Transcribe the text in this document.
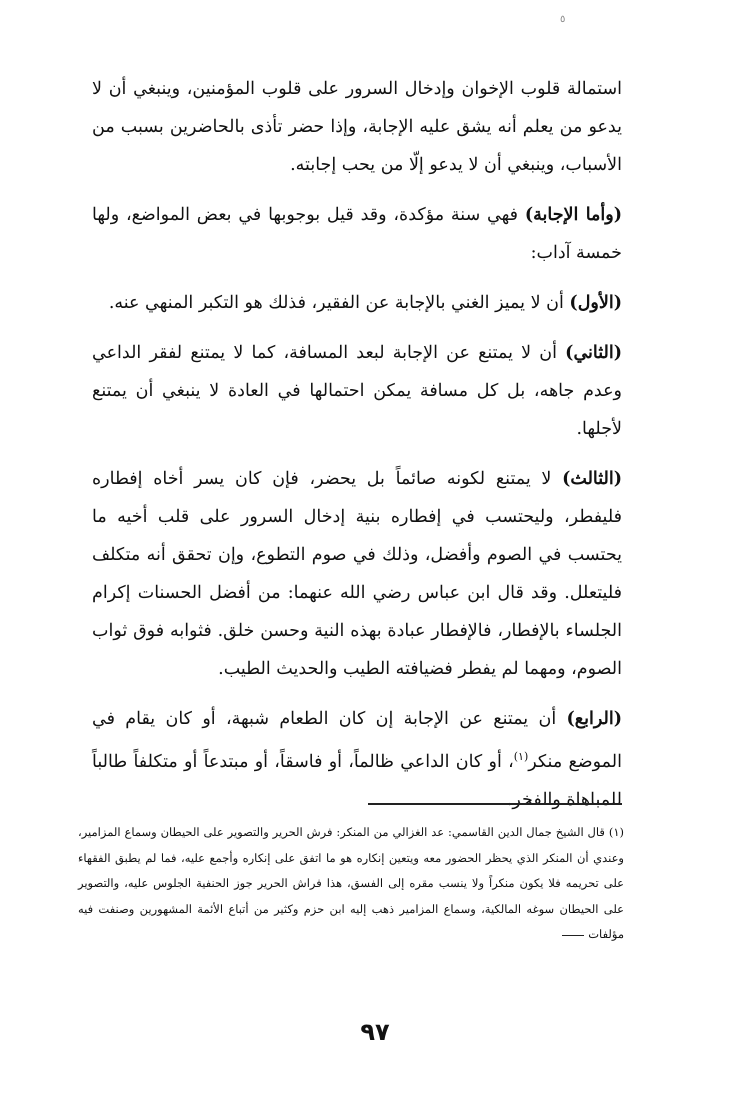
٥

استمالة قلوب الإخوان وإدخال السرور على قلوب المؤمنين، وينبغي أن لا يدعو من يعلم أنه يشق عليه الإجابة، وإذا حضر تأذى بالحاضرين بسبب من الأسباب، وينبغي أن لا يدعو إلّا من يحب إجابته.

(وأما الإجابة) فهي سنة مؤكدة، وقد قيل بوجوبها في بعض المواضع، ولها خمسة آداب:

(الأول) أن لا يميز الغني بالإجابة عن الفقير، فذلك هو التكبر المنهي عنه.

(الثاني) أن لا يمتنع عن الإجابة لبعد المسافة، كما لا يمتنع لفقر الداعي وعدم جاهه، بل كل مسافة يمكن احتمالها في العادة لا ينبغي أن يمتنع لأجلها.

(الثالث) لا يمتنع لكونه صائماً بل يحضر، فإن كان يسر أخاه إفطاره فليفطر، وليحتسب في إفطاره بنية إدخال السرور على قلب أخيه ما يحتسب في الصوم وأفضل، وذلك في صوم التطوع، وإن تحقق أنه متكلف فليتعلل. وقد قال ابن عباس رضي الله عنهما: من أفضل الحسنات إكرام الجلساء بالإفطار، فالإفطار عبادة بهذه النية وحسن خلق. فثوابه فوق ثواب الصوم، ومهما لم يفطر فضيافته الطيب والحديث الطيب.

(الرابع) أن يمتنع عن الإجابة إن كان الطعام شبهة، أو كان يقام في الموضع منكر$^{(١)}$، أو كان الداعي ظالماً، أو فاسقاً، أو مبتدعاً أو متكلفاً طالباً للمباهاة والفخر.

(١) قال الشيخ جمال الدين القاسمي: عد الغزالي من المنكر: فرش الحرير والتصوير على الحيطان وسماع المزامير، وعندي أن المنكر الذي يحظر الحضور معه ويتعين إنكاره هو ما اتفق على إنكاره وأجمع عليه، فما لم يطبق الفقهاء على تحريمه فلا يكون منكراً ولا ينسب مقره إلى الفسق، هذا فراش الحرير جوز الحنفية الجلوس عليه، والتصوير على الحيطان سوغه المالكية، وسماع المزامير ذهب إليه ابن حزم وكثير من أتباع الأئمة المشهورين وصنفت فيه مؤلفات
٩٧
